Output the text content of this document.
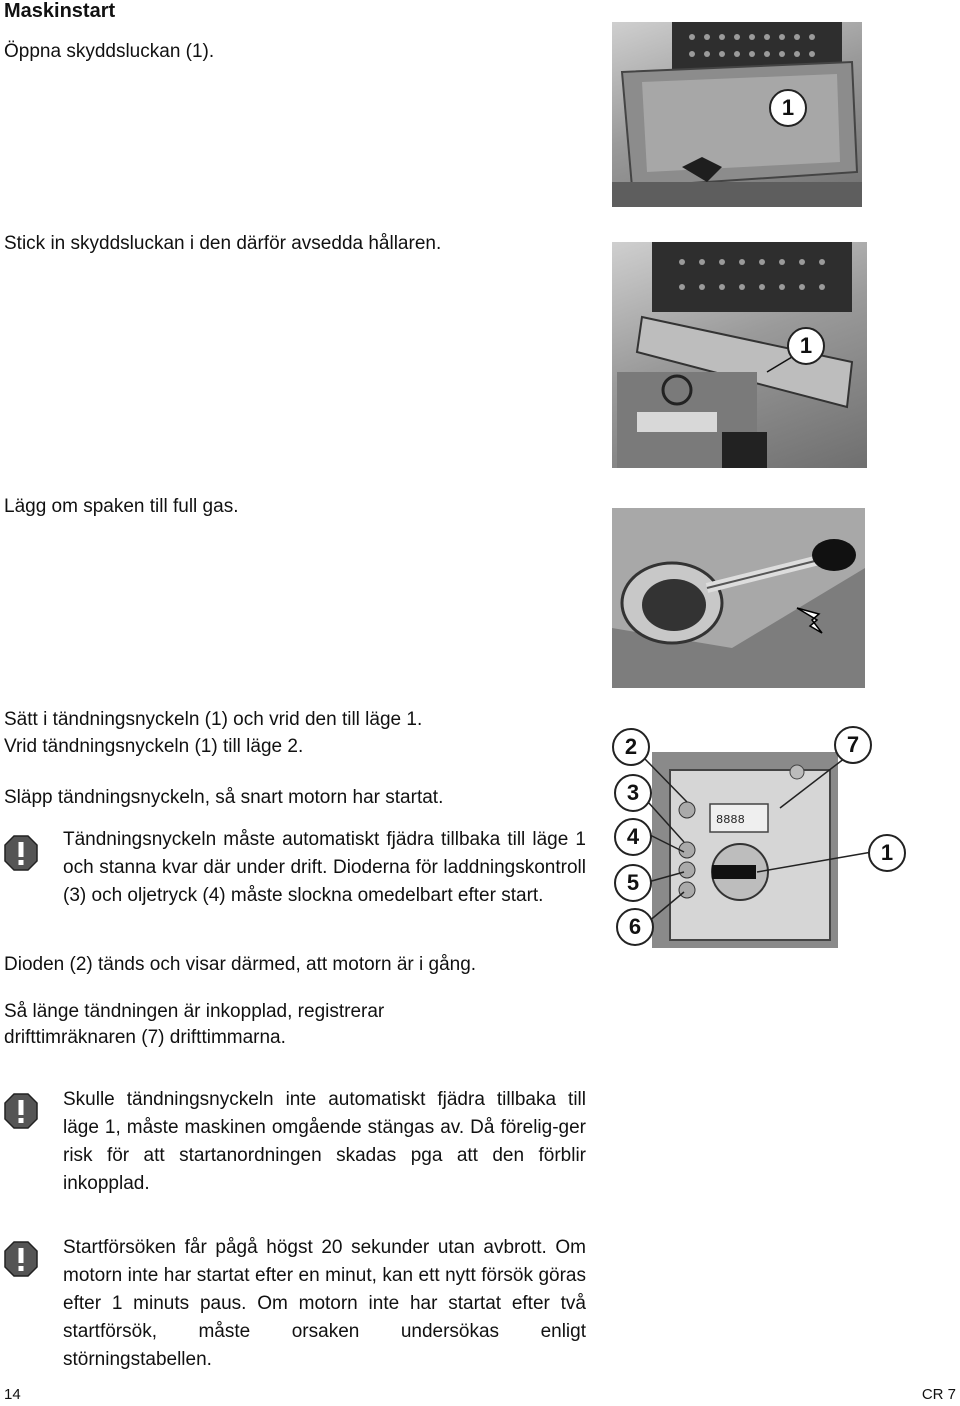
Maskinstart
Öppna skyddsluckan (1).
Stick in skyddsluckan i den därför avsedda hållaren.
Lägg om spaken till full gas.
Sätt i tändningsnyckeln (1) och vrid den till läge 1.
Vrid tändningsnyckeln (1) till läge 2.
Släpp tändningsnyckeln, så snart motorn har startat.
Tändningsnyckeln måste automatiskt fjädra tillbaka till läge 1 och stanna kvar där under drift. Dioderna för laddningskontroll (3) och oljetryck (4) måste slockna omedelbart efter start.
Dioden (2) tänds och visar därmed, att motorn är i gång.
Så länge tändningen är inkopplad, registrerar
drifttimräknaren (7) drifttimmarna.
Skulle tändningsnyckeln inte automatiskt fjädra tillbaka till läge 1, måste maskinen omgående stängas av. Då förelig-ger risk för att startanordningen skadas pga att den förblir inkopplad.
Startförsöken får pågå högst 20 sekunder utan avbrott. Om motorn inte har startat efter en minut, kan ett nytt försök göras efter 1 minuts paus. Om motorn inte har startat efter två startförsök, måste orsaken undersökas enligt störningstabellen.
1
1
8888
2	7
3
4
1
5
6
14	CR 7
